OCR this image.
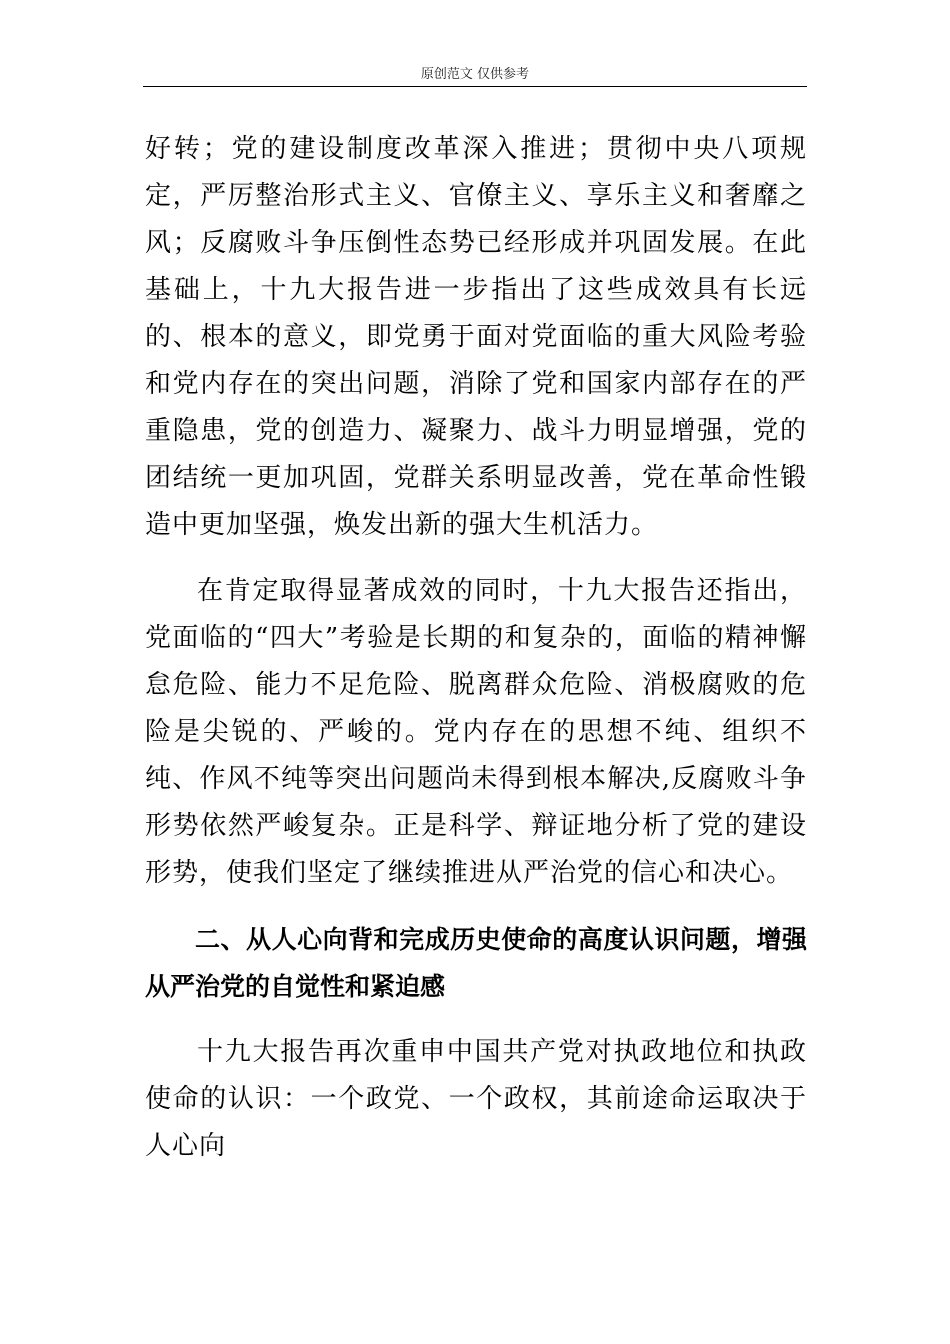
原创范文 仅供参考

好转；党的建设制度改革深入推进；贯彻中央八项规定，严厉整治形式主义、官僚主义、享乐主义和奢靡之风；反腐败斗争压倒性态势已经形成并巩固发展。在此基础上，十九大报告进一步指出了这些成效具有长远的、根本的意义，即党勇于面对党面临的重大风险考验和党内存在的突出问题，消除了党和国家内部存在的严重隐患，党的创造力、凝聚力、战斗力明显增强，党的团结统一更加巩固，党群关系明显改善，党在革命性锻造中更加坚强，焕发出新的强大生机活力。

在肯定取得显著成效的同时，十九大报告还指出，党面临的“四大”考验是长期的和复杂的，面临的精神懈怠危险、能力不足危险、脱离群众危险、消极腐败的危险是尖锐的、严峻的。党内存在的思想不纯、组织不纯、作风不纯等突出问题尚未得到根本解决,反腐败斗争形势依然严峻复杂。正是科学、辩证地分析了党的建设形势，使我们坚定了继续推进从严治党的信心和决心。

二、从人心向背和完成历史使命的高度认识问题，增强从严治党的自觉性和紧迫感

十九大报告再次重申中国共产党对执政地位和执政使命的认识：一个政党、一个政权，其前途命运取决于人心向
